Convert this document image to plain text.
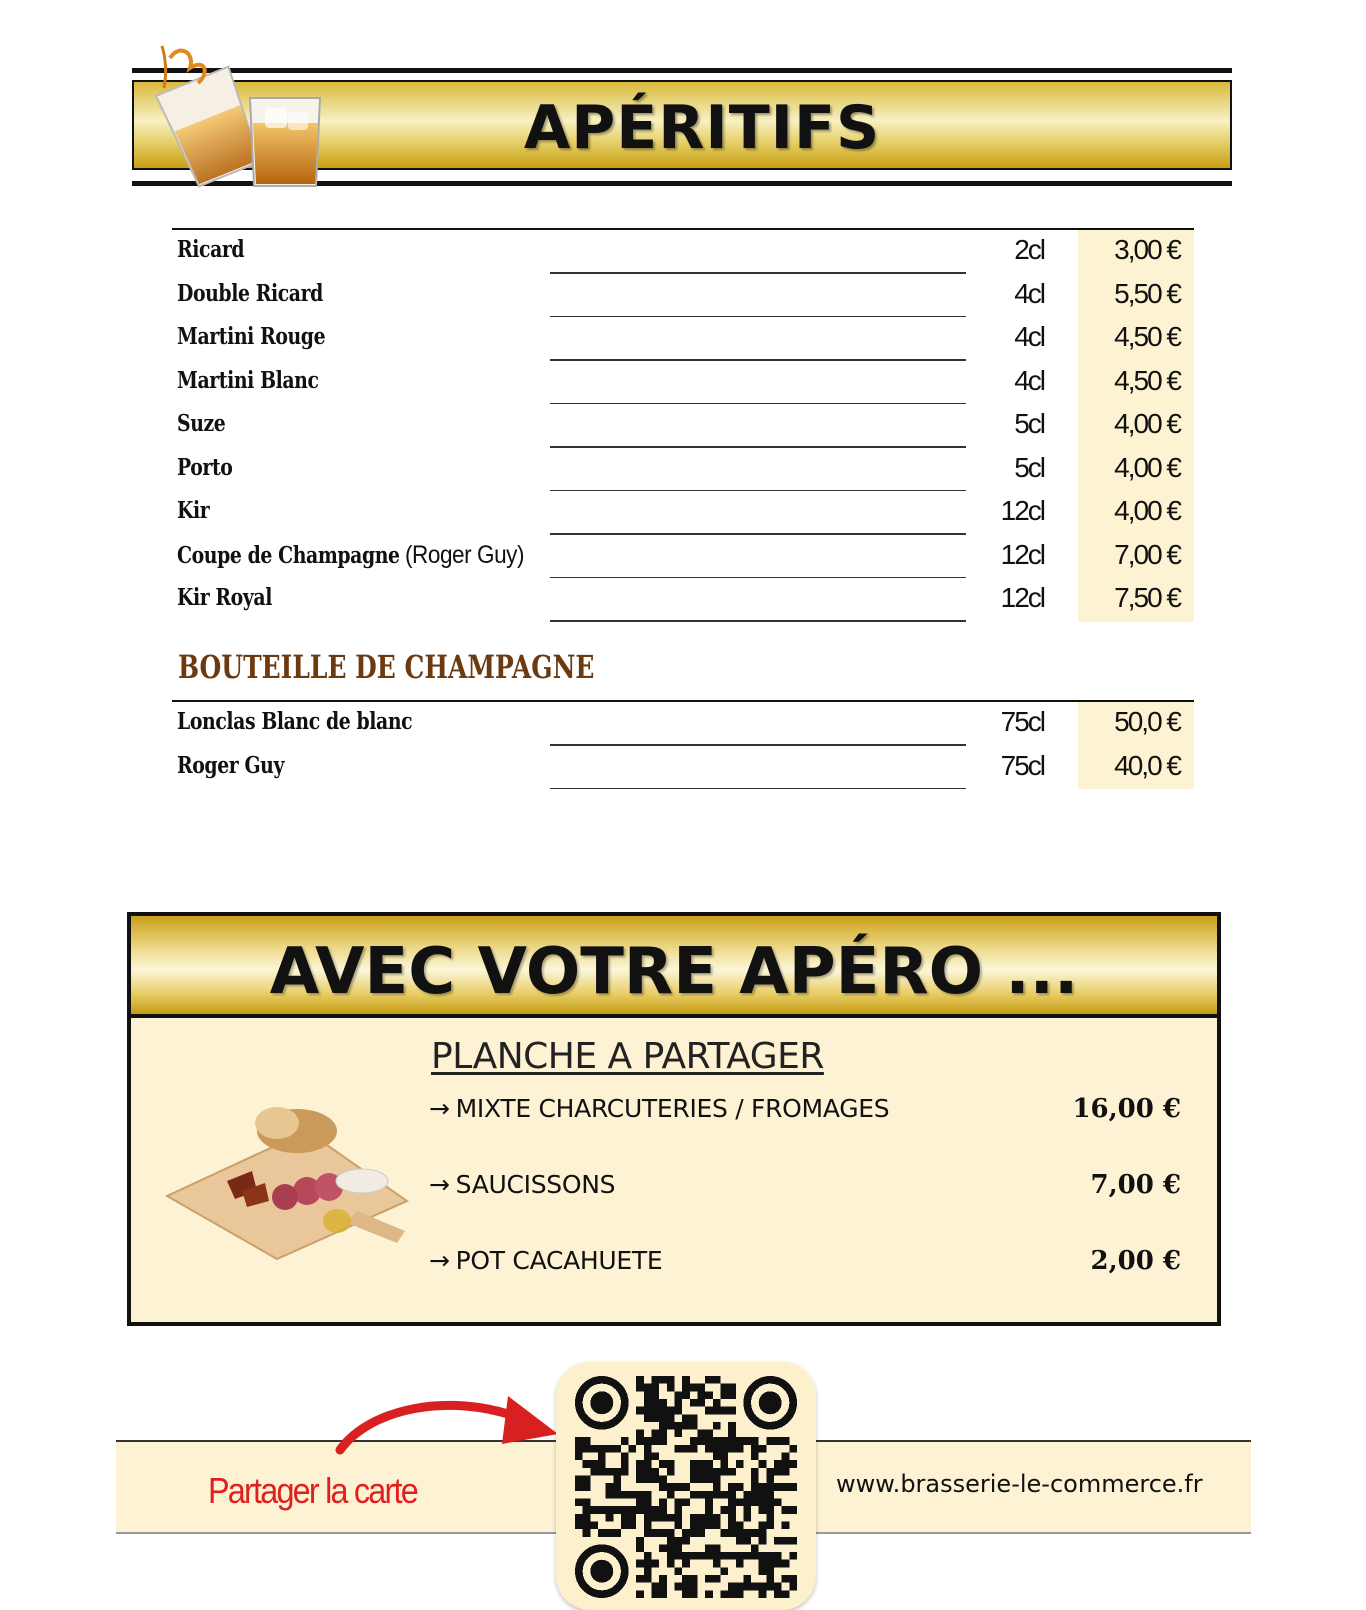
APÉRITIFS
Ricard	2cl	3,00 €
Double Ricard	4cl	5,50 €
Martini Rouge	4cl	4,50 €
Martini Blanc	4cl	4,50 €
Suze	5cl	4,00 €
Porto	5cl	4,00 €
Kir	12cl	4,00 €
Coupe de Champagne (Roger Guy)	12cl	7,00 €
Kir Royal	12cl	7,50 €
BOUTEILLE DE CHAMPAGNE
Lonclas Blanc de blanc	75cl	50,0 €
Roger Guy	75cl	40,0 €
AVEC VOTRE APÉRO ...
PLANCHE A PARTAGER
→ MIXTE CHARCUTERIES / FROMAGES	16,00 €
→ SAUCISSONS	7,00 €
→ POT CACAHUETE	2,00 €
Partager la carte	www.brasserie-le-commerce.fr
